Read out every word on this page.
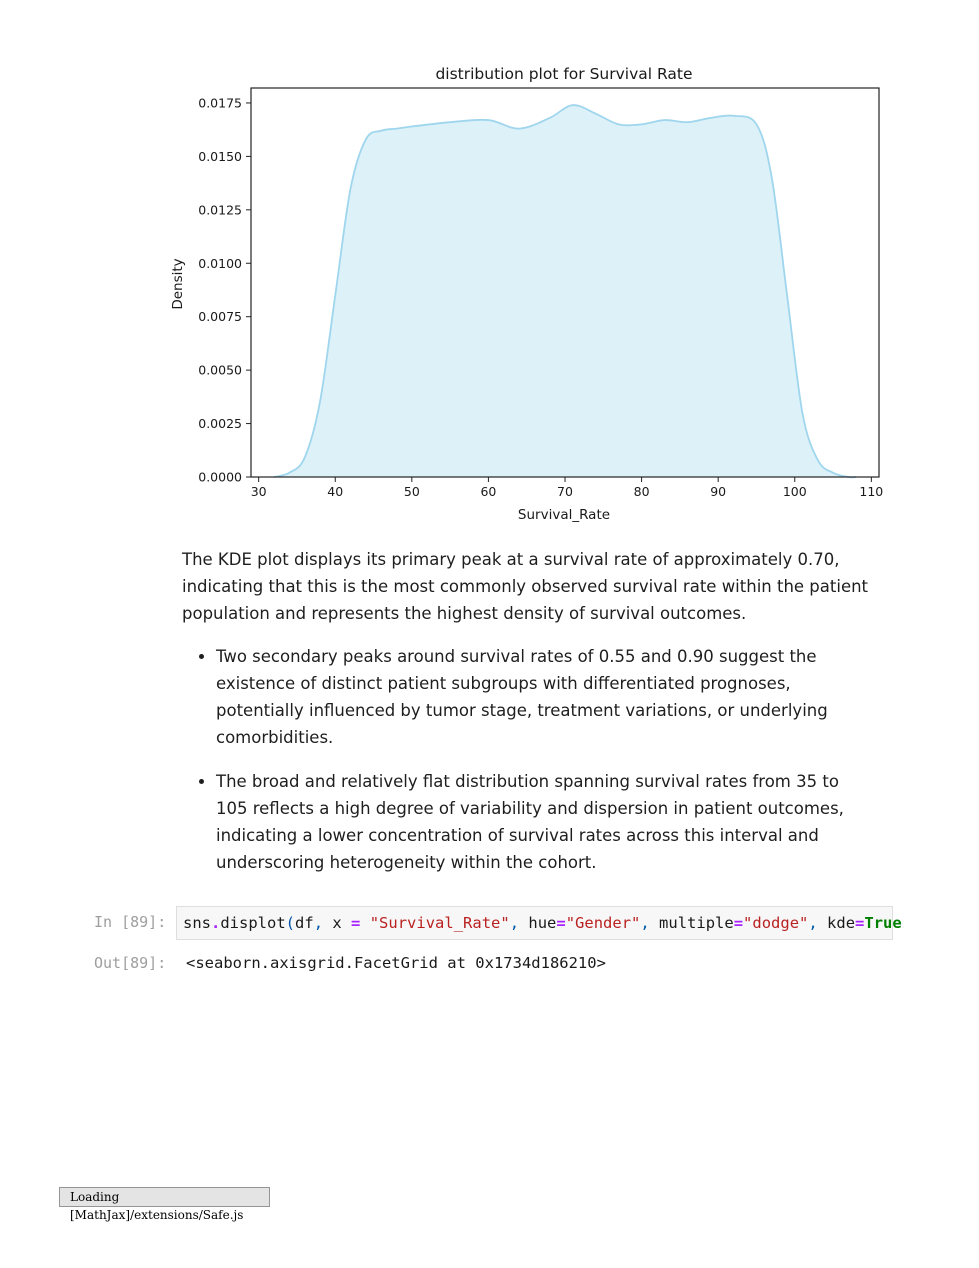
distribution plot for Survival Rate
30	40	50	60	70	80	90	100	110
0.0000
0.0025
0.0050
0.0075
0.0100
0.0125
0.0150
0.0175
Survival_Rate
Density

The KDE plot displays its primary peak at a survival rate of approximately 0.70, indicating that this is the most commonly observed survival rate within the patient population and represents the highest density of survival outcomes.

• Two secondary peaks around survival rates of 0.55 and 0.90 suggest the existence of distinct patient subgroups with differentiated prognoses, potentially influenced by tumor stage, treatment variations, or underlying comorbidities.
• The broad and relatively flat distribution spanning survival rates from 35 to 105 reflects a high degree of variability and dispersion in patient outcomes, indicating a lower concentration of survival rates across this interval and underscoring heterogeneity within the cohort.
In [89]:	sns.displot(df, x = "Survival_Rate", hue="Gender", multiple="dodge", kde=True
Out[89]: <seaborn.axisgrid.FacetGrid at 0x1734d186210>
Loading [MathJax]/extensions/Safe.js
